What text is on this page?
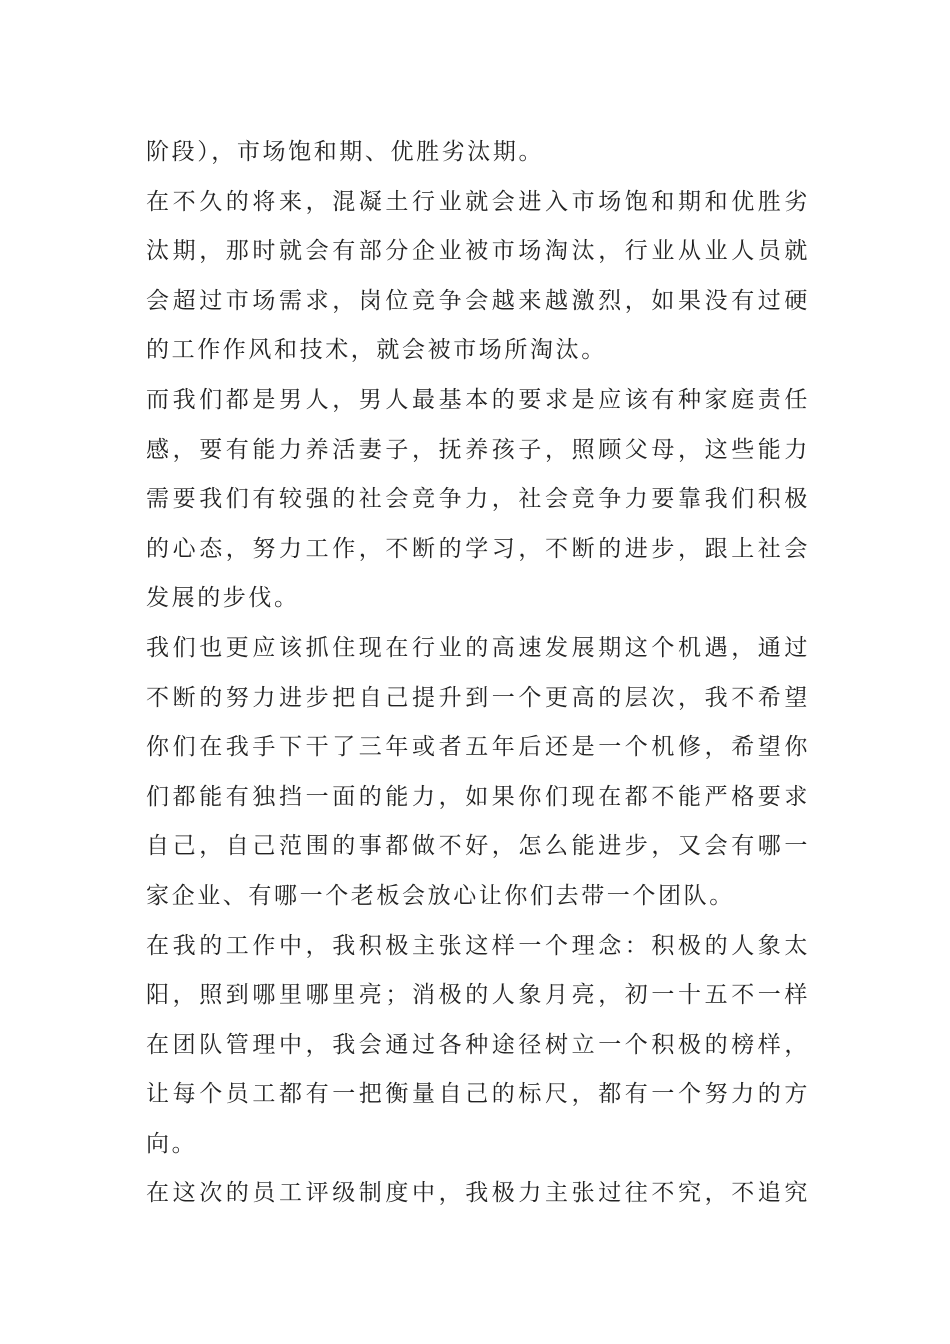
阶段），市场饱和期、优胜劣汰期。
在不久的将来，混凝土行业就会进入市场饱和期和优胜劣
汰期，那时就会有部分企业被市场淘汰，行业从业人员就
会超过市场需求，岗位竞争会越来越激烈，如果没有过硬
的工作作风和技术，就会被市场所淘汰。
而我们都是男人，男人最基本的要求是应该有种家庭责任
感，要有能力养活妻子，抚养孩子，照顾父母，这些能力
需要我们有较强的社会竞争力，社会竞争力要靠我们积极
的心态，努力工作，不断的学习，不断的进步，跟上社会
发展的步伐。
我们也更应该抓住现在行业的高速发展期这个机遇，通过
不断的努力进步把自己提升到一个更高的层次，我不希望
你们在我手下干了三年或者五年后还是一个机修，希望你
们都能有独挡一面的能力，如果你们现在都不能严格要求
自己，自己范围的事都做不好，怎么能进步，又会有哪一
家企业、有哪一个老板会放心让你们去带一个团队。
在我的工作中，我积极主张这样一个理念：积极的人象太
阳，照到哪里哪里亮；消极的人象月亮，初一十五不一样
在团队管理中，我会通过各种途径树立一个积极的榜样，
让每个员工都有一把衡量自己的标尺，都有一个努力的方
向。
在这次的员工评级制度中，我极力主张过往不究，不追究
